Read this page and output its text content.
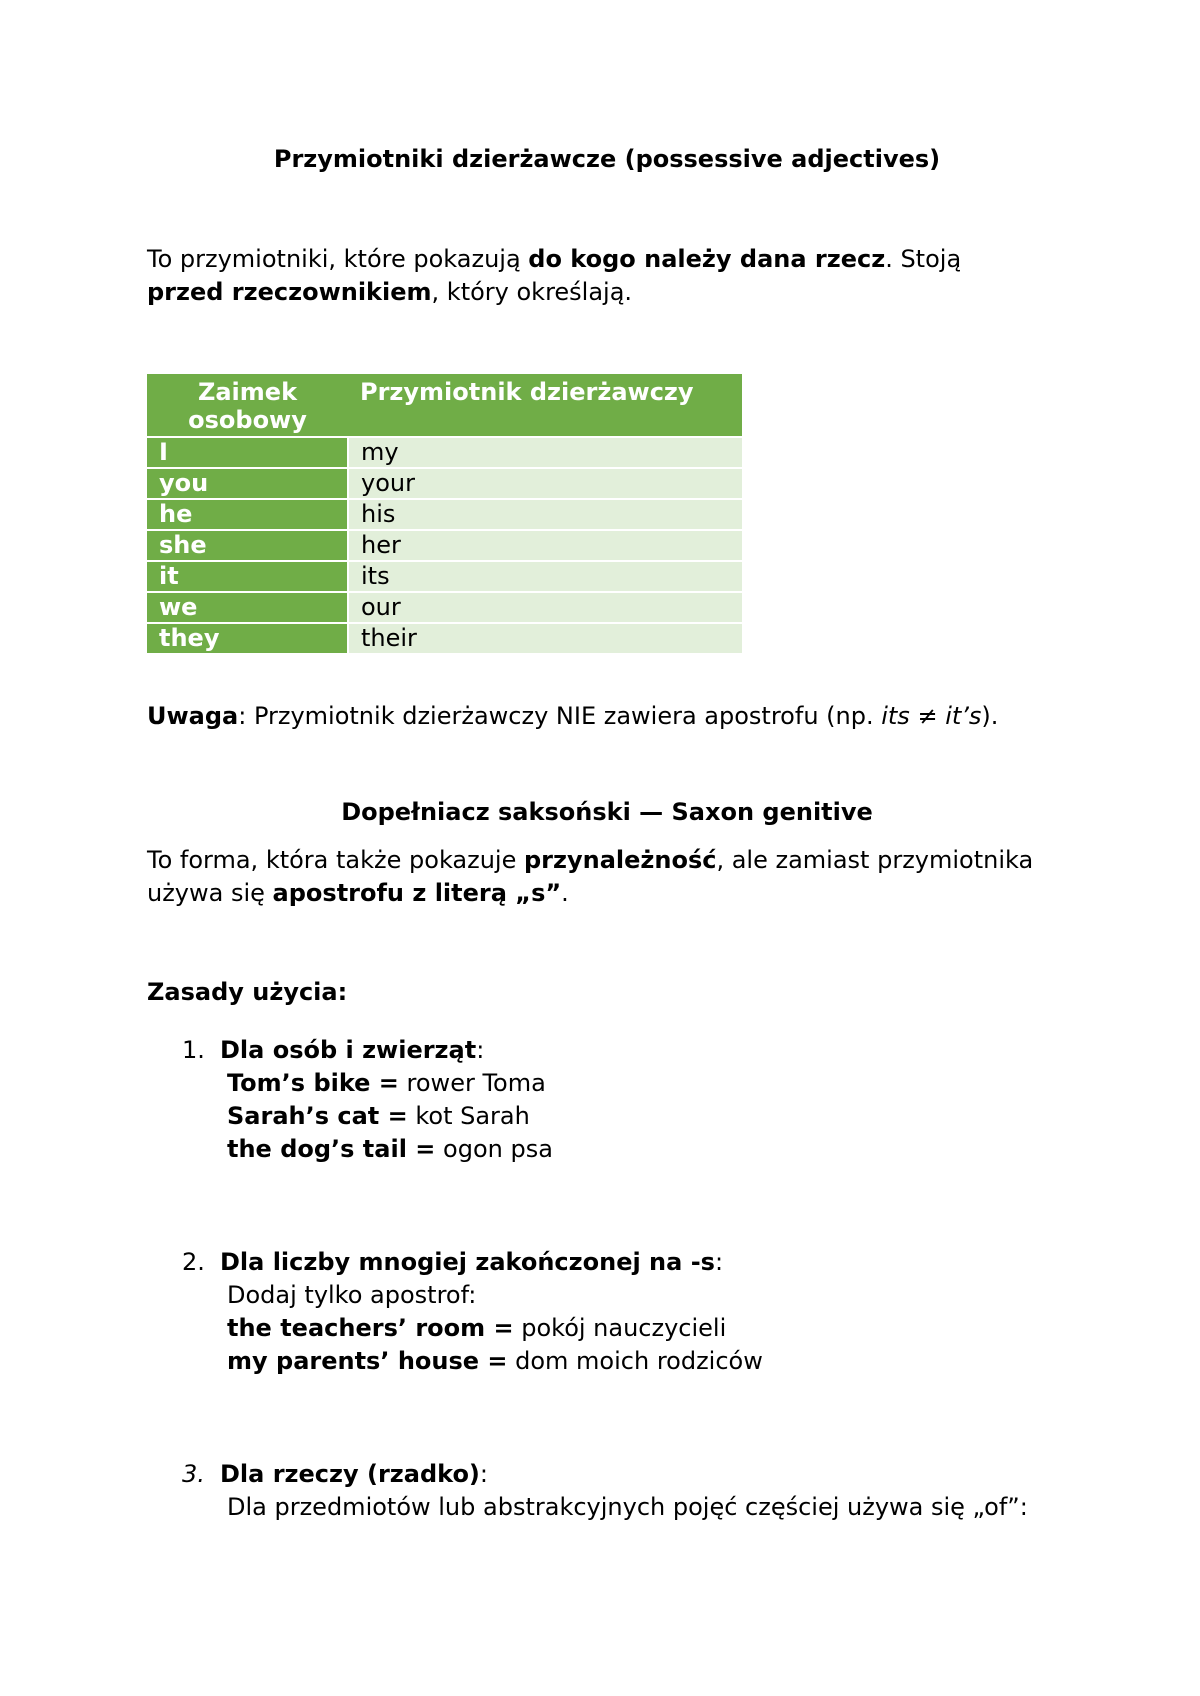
Przymiotniki dzierżawcze (possessive adjectives)

To przymiotniki, które pokazują do kogo należy dana rzecz. Stoją
przed rzeczownikiem, który określają.
Zaimek osobowy	Przymiotnik dzierżawczy
I	my
you	your
he	his
she	her
it	its
we	our
they	their

Uwaga: Przymiotnik dzierżawczy NIE zawiera apostrofu (np. its ≠ it’s).

Dopełniacz saksoński — Saxon genitive

To forma, która także pokazuje przynależność, ale zamiast przymiotnika
używa się apostrofu z literą „s”.

Zasady użycia:

1. Dla osób i zwierząt:
Tom’s bike = rower Toma
Sarah’s cat = kot Sarah
the dog’s tail = ogon psa
2. Dla liczby mnogiej zakończonej na -s:
Dodaj tylko apostrof:
the teachers’ room = pokój nauczycieli
my parents’ house = dom moich rodziców
3. Dla rzeczy (rzadko):
Dla przedmiotów lub abstrakcyjnych pojęć częściej używa się „of”:
